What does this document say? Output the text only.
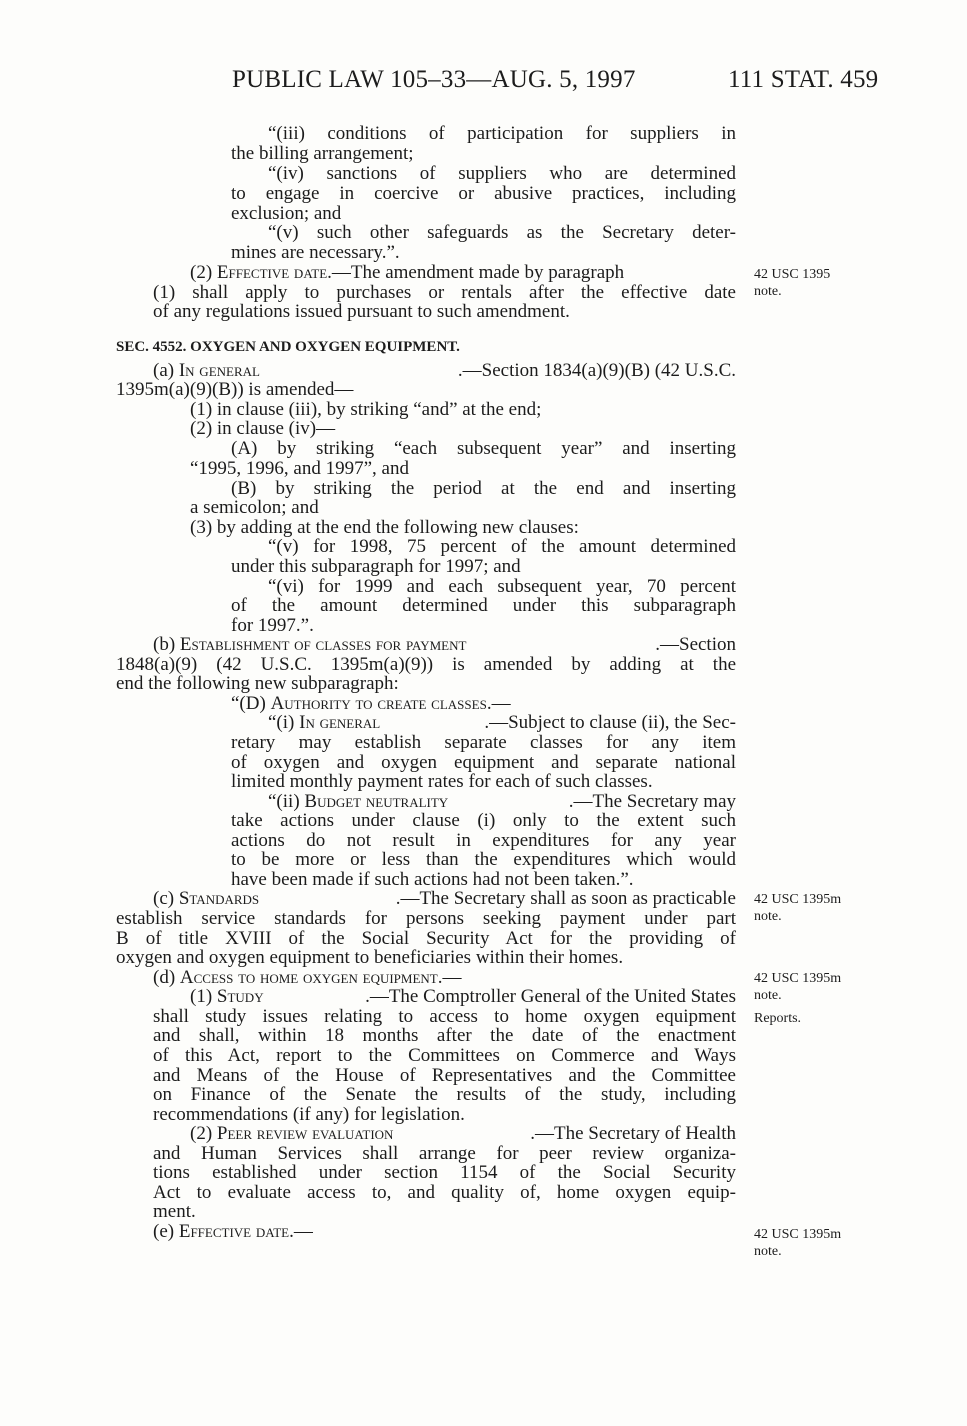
PUBLIC LAW 105–33—AUG. 5, 1997	111 STAT. 459
“(iii) conditions of participation for suppliers in
the billing arrangement;
“(iv) sanctions of suppliers who are determined
to engage in coercive or abusive practices, including
exclusion; and
“(v) such other safeguards as the Secretary deter-
mines are necessary.”.
(2) Effective date.—The amendment made by paragraph
(1) shall apply to purchases or rentals after the effective date
of any regulations issued pursuant to such amendment.
SEC. 4552. OXYGEN AND OXYGEN EQUIPMENT.
(a) In general	.—Section 1834(a)(9)(B) (42 U.S.C.
1395m(a)(9)(B)) is amended—
(1) in clause (iii), by striking “and” at the end;
(2) in clause (iv)—
(A) by striking “each subsequent year” and inserting
“1995, 1996, and 1997”, and
(B) by striking the period at the end and inserting
a semicolon; and
(3) by adding at the end the following new clauses:
“(v) for 1998, 75 percent of the amount determined
under this subparagraph for 1997; and
“(vi) for 1999 and each subsequent year, 70 percent
of the amount determined under this subparagraph
for 1997.”.
(b) Establishment of classes for payment	.—Section
1848(a)(9) (42 U.S.C. 1395m(a)(9)) is amended by adding at the
end the following new subparagraph:
“(D) Authority to create classes.—
“(i) In general	.—Subject to clause (ii), the Sec-
retary may establish separate classes for any item
of oxygen and oxygen equipment and separate national
limited monthly payment rates for each of such classes.
“(ii) Budget neutrality	.—The Secretary may
take actions under clause (i) only to the extent such
actions do not result in expenditures for any year
to be more or less than the expenditures which would
have been made if such actions had not been taken.”.
(c) Standards	.—The Secretary shall as soon as practicable
establish service standards for persons seeking payment under part
B of title XVIII of the Social Security Act for the providing of
oxygen and oxygen equipment to beneficiaries within their homes.
(d) Access to home oxygen equipment.—
(1) Study	.—The Comptroller General of the United States
shall study issues relating to access to home oxygen equipment
and shall, within 18 months after the date of the enactment
of this Act, report to the Committees on Commerce and Ways
and Means of the House of Representatives and the Committee
on Finance of the Senate the results of the study, including
recommendations (if any) for legislation.
(2) Peer review evaluation	.—The Secretary of Health
and Human Services shall arrange for peer review organiza-
tions established under section 1154 of the Social Security
Act to evaluate access to, and quality of, home oxygen equip-
ment.
(e) Effective date.—
42 USC 1395
note.
42 USC 1395m
note.
42 USC 1395m
note.
Reports.
42 USC 1395m
note.
